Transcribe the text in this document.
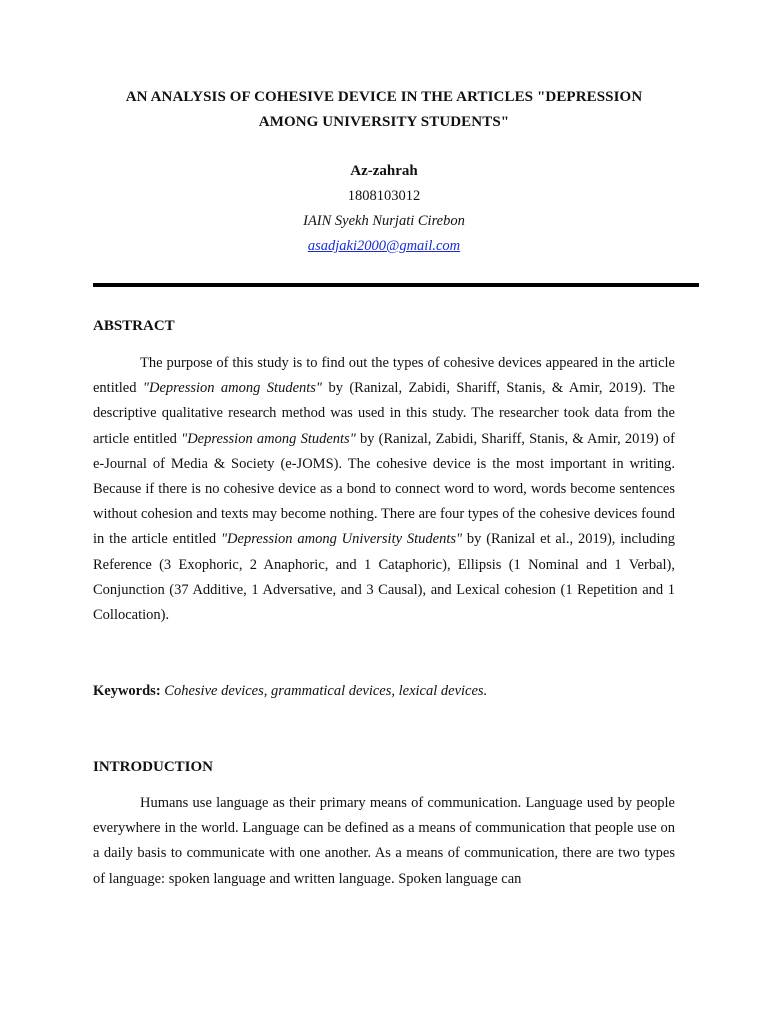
AN ANALYSIS OF COHESIVE DEVICE IN THE ARTICLES "DEPRESSION
AMONG UNIVERSITY STUDENTS"
Az-zahrah
1808103012
IAIN Syekh Nurjati Cirebon
asadjaki2000@gmail.com
ABSTRACT

The purpose of this study is to find out the types of cohesive devices appeared in the article entitled "Depression among Students" by (Ranizal, Zabidi, Shariff, Stanis, & Amir, 2019). The descriptive qualitative research method was used in this study. The researcher took data from the article entitled "Depression among Students" by (Ranizal, Zabidi, Shariff, Stanis, & Amir, 2019) of e-Journal of Media & Society (e-JOMS). The cohesive device is the most important in writing. Because if there is no cohesive device as a bond to connect word to word, words become sentences without cohesion and texts may become nothing. There are four types of the cohesive devices found in the article entitled "Depression among University Students" by (Ranizal et al., 2019), including Reference (3 Exophoric, 2 Anaphoric, and 1 Cataphoric), Ellipsis (1 Nominal and 1 Verbal), Conjunction (37 Additive, 1 Adversative, and 3 Causal), and Lexical cohesion (1 Repetition and 1 Collocation).

Keywords: Cohesive devices, grammatical devices, lexical devices.
INTRODUCTION

Humans use language as their primary means of communication. Language used by people everywhere in the world. Language can be defined as a means of communication that people use on a daily basis to communicate with one another. As a means of communication, there are two types of language: spoken language and written language. Spoken language can
